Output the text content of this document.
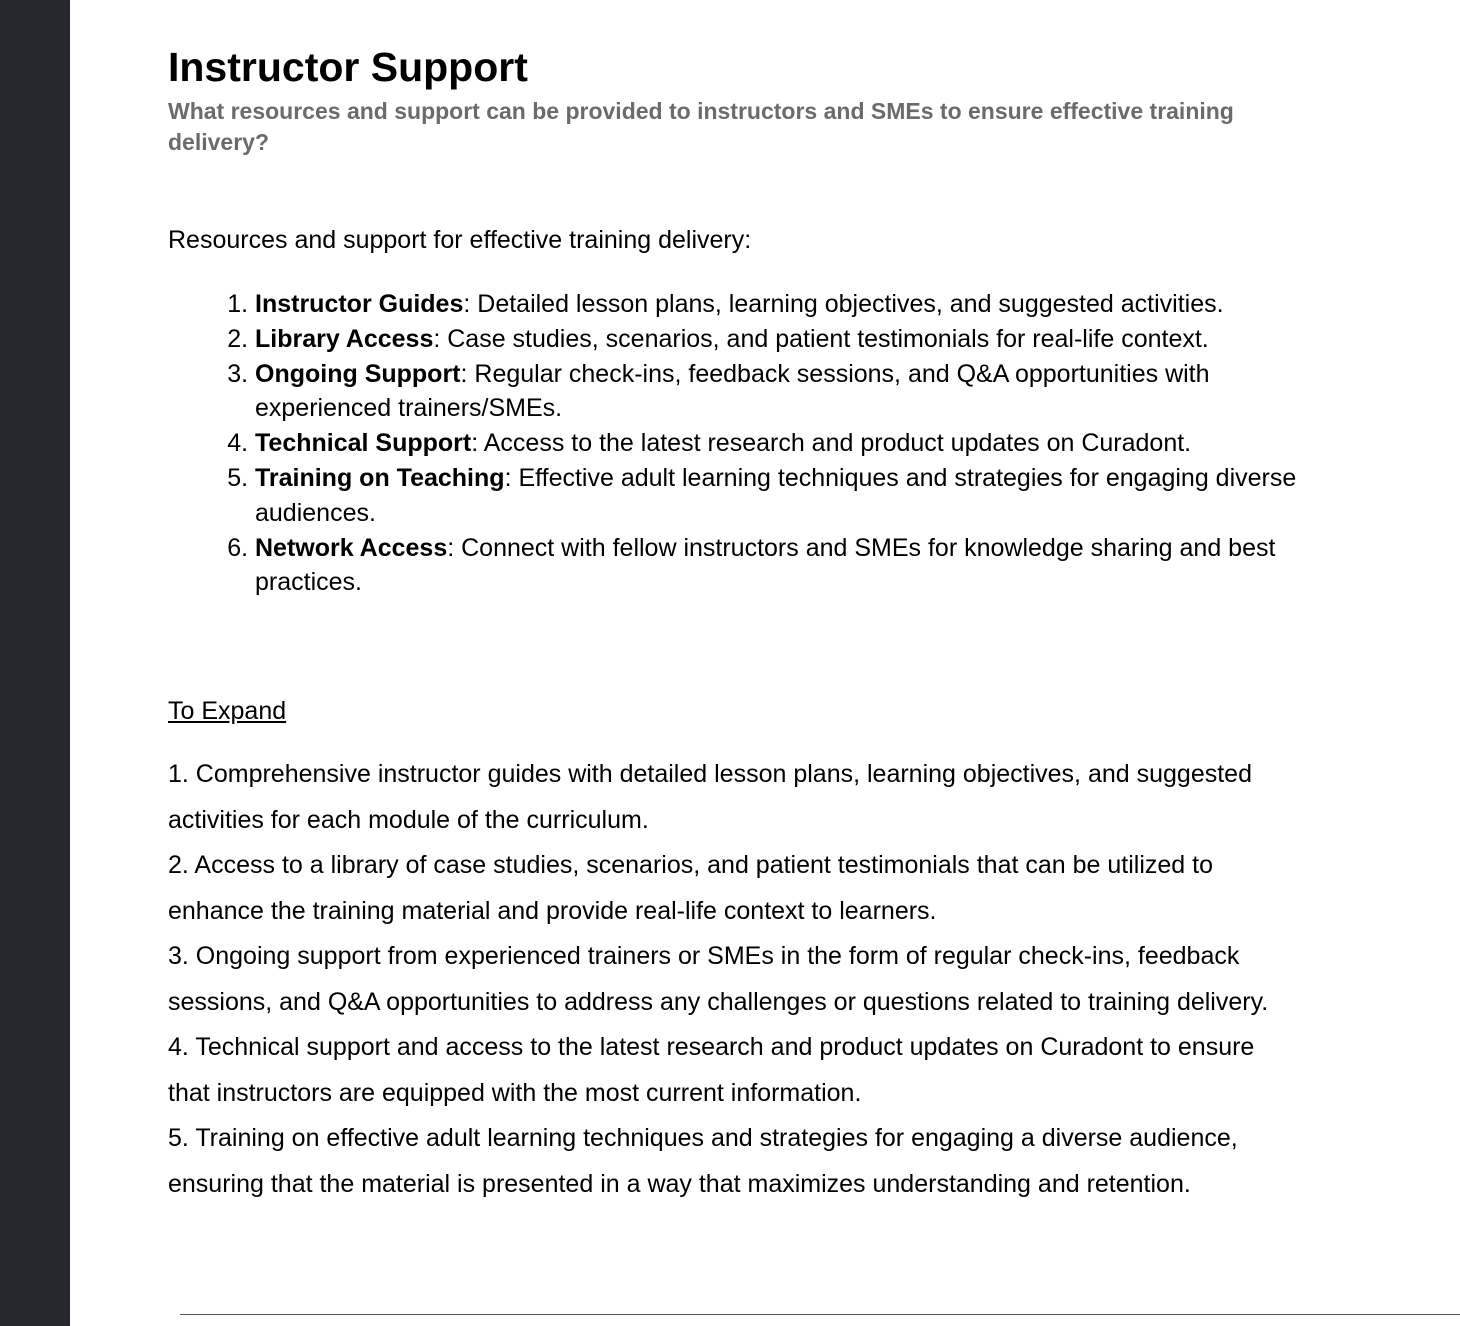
Instructor Support
What resources and support can be provided to instructors and SMEs to ensure effective training delivery?
Resources and support for effective training delivery:
1. Instructor Guides: Detailed lesson plans, learning objectives, and suggested activities.
2. Library Access: Case studies, scenarios, and patient testimonials for real-life context.
3. Ongoing Support: Regular check-ins, feedback sessions, and Q&A opportunities with experienced trainers/SMEs.
4. Technical Support: Access to the latest research and product updates on Curadont.
5. Training on Teaching: Effective adult learning techniques and strategies for engaging diverse audiences.
6. Network Access: Connect with fellow instructors and SMEs for knowledge sharing and best practices.
To Expand

1. Comprehensive instructor guides with detailed lesson plans, learning objectives, and suggested activities for each module of the curriculum.

2. Access to a library of case studies, scenarios, and patient testimonials that can be utilized to enhance the training material and provide real-life context to learners.

3. Ongoing support from experienced trainers or SMEs in the form of regular check-ins, feedback sessions, and Q&A opportunities to address any challenges or questions related to training delivery.

4. Technical support and access to the latest research and product updates on Curadont to ensure that instructors are equipped with the most current information.

5. Training on effective adult learning techniques and strategies for engaging a diverse audience, ensuring that the material is presented in a way that maximizes understanding and retention.
